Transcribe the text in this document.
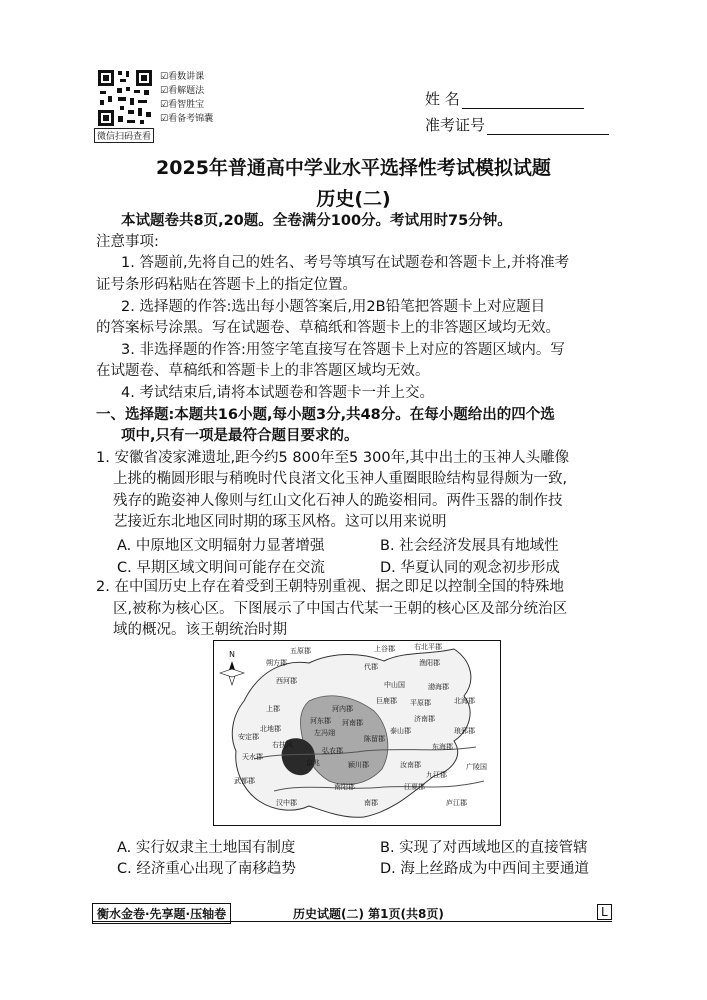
微信扫码查看
☑ 看数讲课
☑ 看解题法
☑ 看智胜宝
☑ 看备考锦囊
姓 名
准考证号
2025年普通高中学业水平选择性考试模拟试题
历史(二)
本试题卷共8页,20题。全卷满分100分。考试用时75分钟。
注意事项:
1. 答题前,先将自己的姓名、考号等填写在试题卷和答题卡上,并将准考
证号条形码粘贴在答题卡上的指定位置。
2. 选择题的作答:选出每小题答案后,用2B铅笔把答题卡上对应题目
的答案标号涂黑。写在试题卷、草稿纸和答题卡上的非答题区域均无效。
3. 非选择题的作答:用签字笔直接写在答题卡上对应的答题区域内。写
在试题卷、草稿纸和答题卡上的非答题区域均无效。
4. 考试结束后,请将本试题卷和答题卡一并上交。
一、选择题:本题共16小题,每小题3分,共48分。在每小题给出的四个选
项中,只有一项是最符合题目要求的。
1. 安徽省凌家滩遗址,距今约5 800年至5 300年,其中出土的玉神人头雕像
上挑的椭圆形眼与稍晚时代良渚文化玉神人重圈眼睑结构显得颇为一致,
残存的跪姿神人像则与红山文化石神人的跪姿相同。两件玉器的制作技
艺接近东北地区同时期的琢玉风格。这可以用来说明
A. 中原地区文明辐射力显著增强	B. 社会经济发展具有地域性
C. 早期区域文明间可能存在交流	D. 华夏认同的观念初步形成
2. 在中国历史上存在着受到王朝特别重视、据之即足以控制全国的特殊地
区,被称为核心区。下图展示了中国古代某一王朝的核心区及部分统治区
域的概况。该王朝统治时期
N	五原郡
朔方郡
西河郡
上郡
上谷郡	右北平郡
代郡	渔阳郡
中山国
巨鹿郡
渤海郡
平原郡
济南郡
北海郡
琅邪郡
东海郡
陈留郡
汝南郡
南阳郡
颍川郡
河南郡
河内郡
河东郡
弘农郡
京兆
左冯翊
右扶风
北地郡
安定郡
天水郡
武都郡
汉中郡	南郡
江夏郡
庐江郡
九江郡
广陵国
泰山郡
A. 实行奴隶主土地国有制度	B. 实现了对西域地区的直接管辖
C. 经济重心出现了南移趋势	D. 海上丝路成为中西间主要通道
衡水金卷·先享题·压轴卷	历史试题(二) 第1页(共8页)	L
